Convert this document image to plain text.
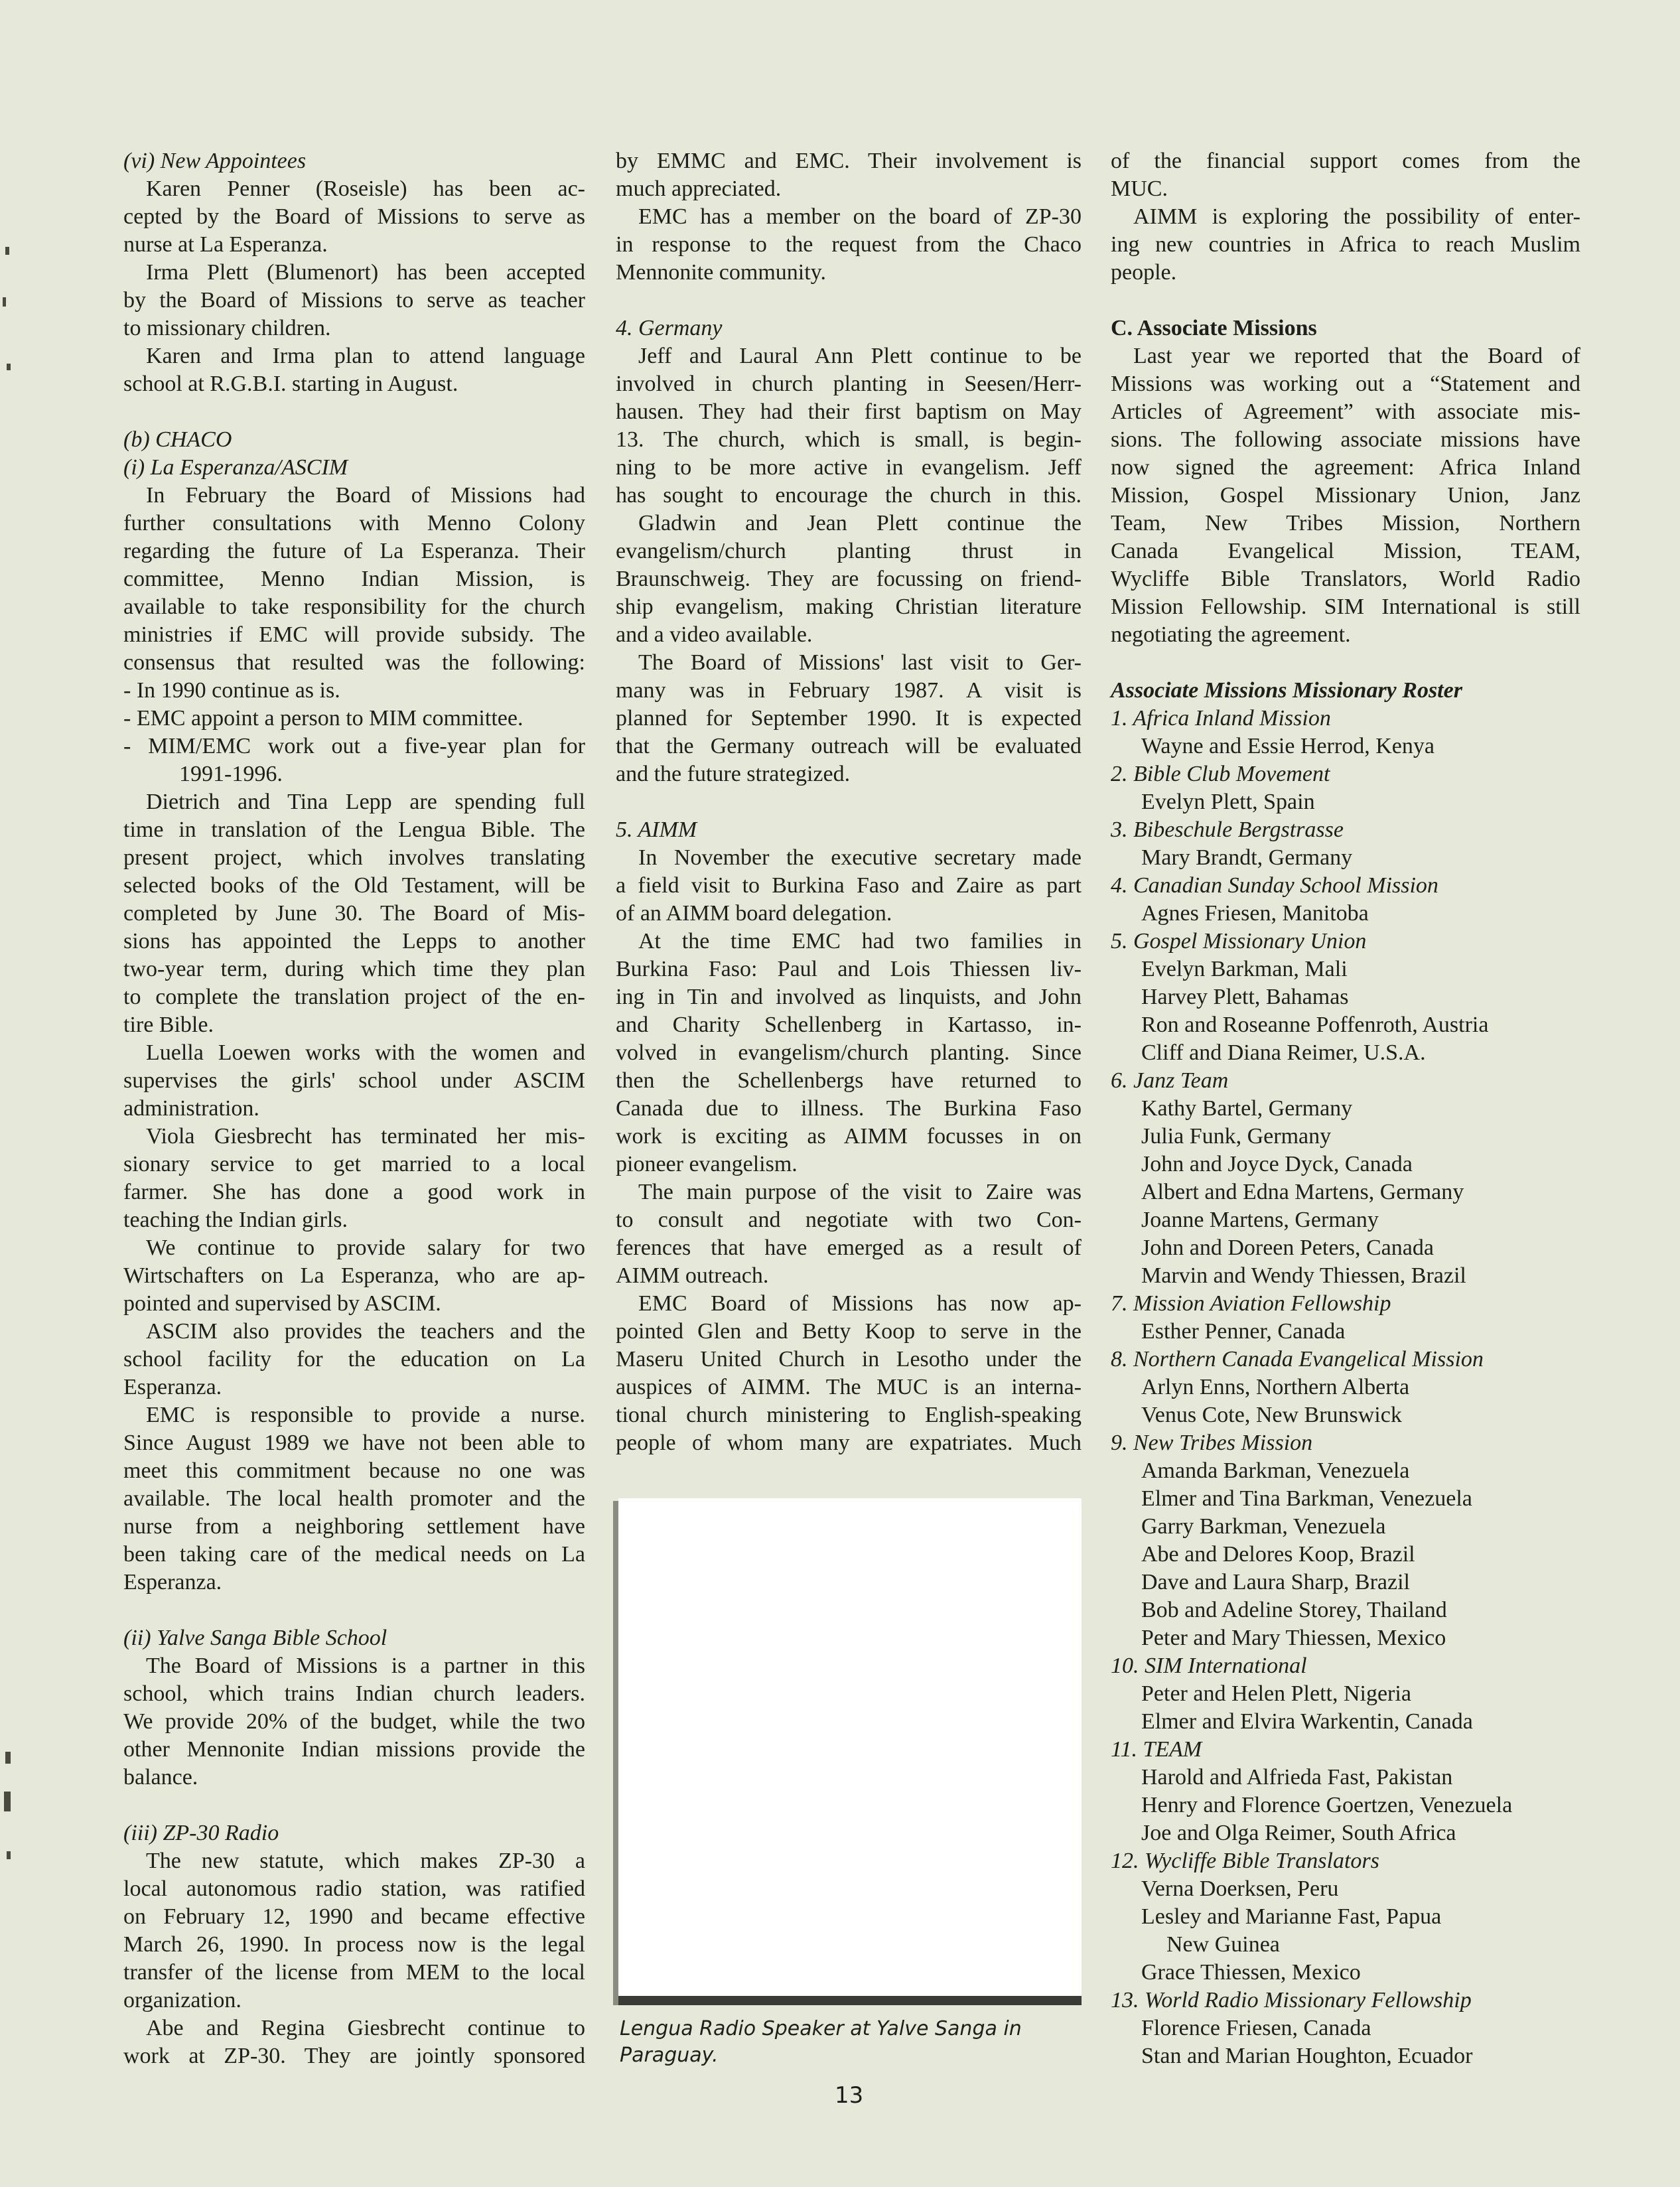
(vi) New Appointees
Karen Penner (Roseisle) has been ac-
cepted by the Board of Missions to serve as
nurse at La Esperanza.
Irma Plett (Blumenort) has been accepted
by the Board of Missions to serve as teacher
to missionary children.
Karen and Irma plan to attend language
school at R.G.B.I. starting in August.
(b) CHACO
(i) La Esperanza/ASCIM
In February the Board of Missions had
further consultations with Menno Colony
regarding the future of La Esperanza. Their
committee, Menno Indian Mission, is
available to take responsibility for the church
ministries if EMC will provide subsidy. The
consensus that resulted was the following:
- In 1990 continue as is.
- EMC appoint a person to MIM committee.
- MIM/EMC work out a five-year plan for
1991-1996.
Dietrich and Tina Lepp are spending full
time in translation of the Lengua Bible. The
present project, which involves translating
selected books of the Old Testament, will be
completed by June 30. The Board of Mis-
sions has appointed the Lepps to another
two-year term, during which time they plan
to complete the translation project of the en-
tire Bible.
Luella Loewen works with the women and
supervises the girls' school under ASCIM
administration.
Viola Giesbrecht has terminated her mis-
sionary service to get married to a local
farmer. She has done a good work in
teaching the Indian girls.
We continue to provide salary for two
Wirtschafters on La Esperanza, who are ap-
pointed and supervised by ASCIM.
ASCIM also provides the teachers and the
school facility for the education on La
Esperanza.
EMC is responsible to provide a nurse.
Since August 1989 we have not been able to
meet this commitment because no one was
available. The local health promoter and the
nurse from a neighboring settlement have
been taking care of the medical needs on La
Esperanza.
(ii) Yalve Sanga Bible School
The Board of Missions is a partner in this
school, which trains Indian church leaders.
We provide 20% of the budget, while the two
other Mennonite Indian missions provide the
balance.
(iii) ZP-30 Radio
The new statute, which makes ZP-30 a
local autonomous radio station, was ratified
on February 12, 1990 and became effective
March 26, 1990. In process now is the legal
transfer of the license from MEM to the local
organization.
Abe and Regina Giesbrecht continue to
work at ZP-30. They are jointly sponsored
by EMMC and EMC. Their involvement is
much appreciated.
EMC has a member on the board of ZP-30
in response to the request from the Chaco
Mennonite community.
4. Germany
Jeff and Laural Ann Plett continue to be
involved in church planting in Seesen/Herr-
hausen. They had their first baptism on May
13. The church, which is small, is begin-
ning to be more active in evangelism. Jeff
has sought to encourage the church in this.
Gladwin and Jean Plett continue the
evangelism/church planting thrust in
Braunschweig. They are focussing on friend-
ship evangelism, making Christian literature
and a video available.
The Board of Missions' last visit to Ger-
many was in February 1987. A visit is
planned for September 1990. It is expected
that the Germany outreach will be evaluated
and the future strategized.
5. AIMM
In November the executive secretary made
a field visit to Burkina Faso and Zaire as part
of an AIMM board delegation.
At the time EMC had two families in
Burkina Faso: Paul and Lois Thiessen liv-
ing in Tin and involved as linquists, and John
and Charity Schellenberg in Kartasso, in-
volved in evangelism/church planting. Since
then the Schellenbergs have returned to
Canada due to illness. The Burkina Faso
work is exciting as AIMM focusses in on
pioneer evangelism.
The main purpose of the visit to Zaire was
to consult and negotiate with two Con-
ferences that have emerged as a result of
AIMM outreach.
EMC Board of Missions has now ap-
pointed Glen and Betty Koop to serve in the
Maseru United Church in Lesotho under the
auspices of AIMM. The MUC is an interna-
tional church ministering to English-speaking
people of whom many are expatriates. Much
of the financial support comes from the
MUC.
AIMM is exploring the possibility of enter-
ing new countries in Africa to reach Muslim
people.
C. Associate Missions
Last year we reported that the Board of
Missions was working out a “Statement and
Articles of Agreement” with associate mis-
sions. The following associate missions have
now signed the agreement: Africa Inland
Mission, Gospel Missionary Union, Janz
Team, New Tribes Mission, Northern
Canada Evangelical Mission, TEAM,
Wycliffe Bible Translators, World Radio
Mission Fellowship. SIM International is still
negotiating the agreement.
Associate Missions Missionary Roster
1. Africa Inland Mission
Wayne and Essie Herrod, Kenya
2. Bible Club Movement
Evelyn Plett, Spain
3. Bibeschule Bergstrasse
Mary Brandt, Germany
4. Canadian Sunday School Mission
Agnes Friesen, Manitoba
5. Gospel Missionary Union
Evelyn Barkman, Mali
Harvey Plett, Bahamas
Ron and Roseanne Poffenroth, Austria
Cliff and Diana Reimer, U.S.A.
6. Janz Team
Kathy Bartel, Germany
Julia Funk, Germany
John and Joyce Dyck, Canada
Albert and Edna Martens, Germany
Joanne Martens, Germany
John and Doreen Peters, Canada
Marvin and Wendy Thiessen, Brazil
7. Mission Aviation Fellowship
Esther Penner, Canada
8. Northern Canada Evangelical Mission
Arlyn Enns, Northern Alberta
Venus Cote, New Brunswick
9. New Tribes Mission
Amanda Barkman, Venezuela
Elmer and Tina Barkman, Venezuela
Garry Barkman, Venezuela
Abe and Delores Koop, Brazil
Dave and Laura Sharp, Brazil
Bob and Adeline Storey, Thailand
Peter and Mary Thiessen, Mexico
10. SIM International
Peter and Helen Plett, Nigeria
Elmer and Elvira Warkentin, Canada
11. TEAM
Harold and Alfrieda Fast, Pakistan
Henry and Florence Goertzen, Venezuela
Joe and Olga Reimer, South Africa
12. Wycliffe Bible Translators
Verna Doerksen, Peru
Lesley and Marianne Fast, Papua
New Guinea
Grace Thiessen, Mexico
13. World Radio Missionary Fellowship
Florence Friesen, Canada
Stan and Marian Houghton, Ecuador
Lengua Radio Speaker at Yalve Sanga in
Paraguay.
13
